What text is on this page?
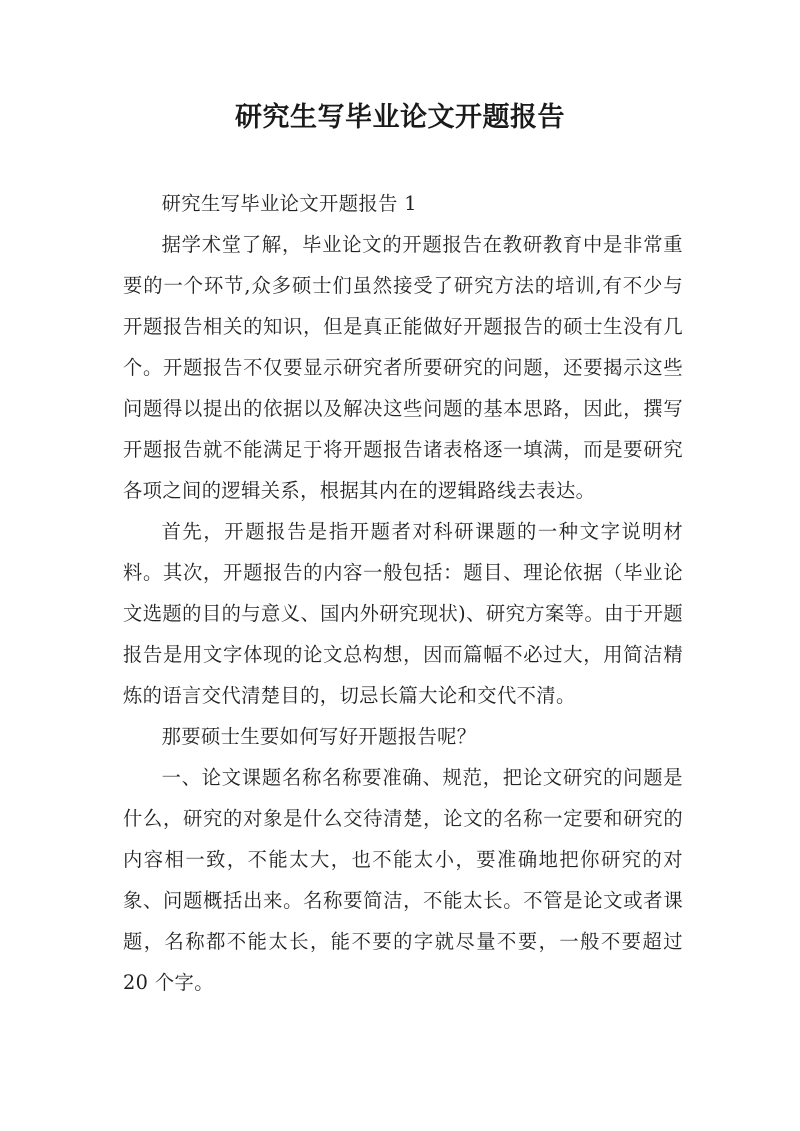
研究生写毕业论文开题报告

研究生写毕业论文开题报告 1

据学术堂了解，毕业论文的开题报告在教研教育中是非常重要的一个环节,众多硕士们虽然接受了研究方法的培训,有不少与开题报告相关的知识，但是真正能做好开题报告的硕士生没有几个。开题报告不仅要显示研究者所要研究的问题，还要揭示这些问题得以提出的依据以及解决这些问题的基本思路，因此，撰写开题报告就不能满足于将开题报告诸表格逐一填满，而是要研究各项之间的逻辑关系，根据其内在的逻辑路线去表达。

首先，开题报告是指开题者对科研课题的一种文字说明材料。其次，开题报告的内容一般包括：题目、理论依据（毕业论文选题的目的与意义、国内外研究现状)、研究方案等。由于开题报告是用文字体现的论文总构想，因而篇幅不必过大，用简洁精炼的语言交代清楚目的，切忌长篇大论和交代不清。

那要硕士生要如何写好开题报告呢？

一、论文课题名称名称要准确、规范，把论文研究的问题是什么，研究的对象是什么交待清楚，论文的名称一定要和研究的内容相一致，不能太大，也不能太小，要准确地把你研究的对象、问题概括出来。名称要简洁，不能太长。不管是论文或者课题，名称都不能太长，能不要的字就尽量不要，一般不要超过 20 个字。
